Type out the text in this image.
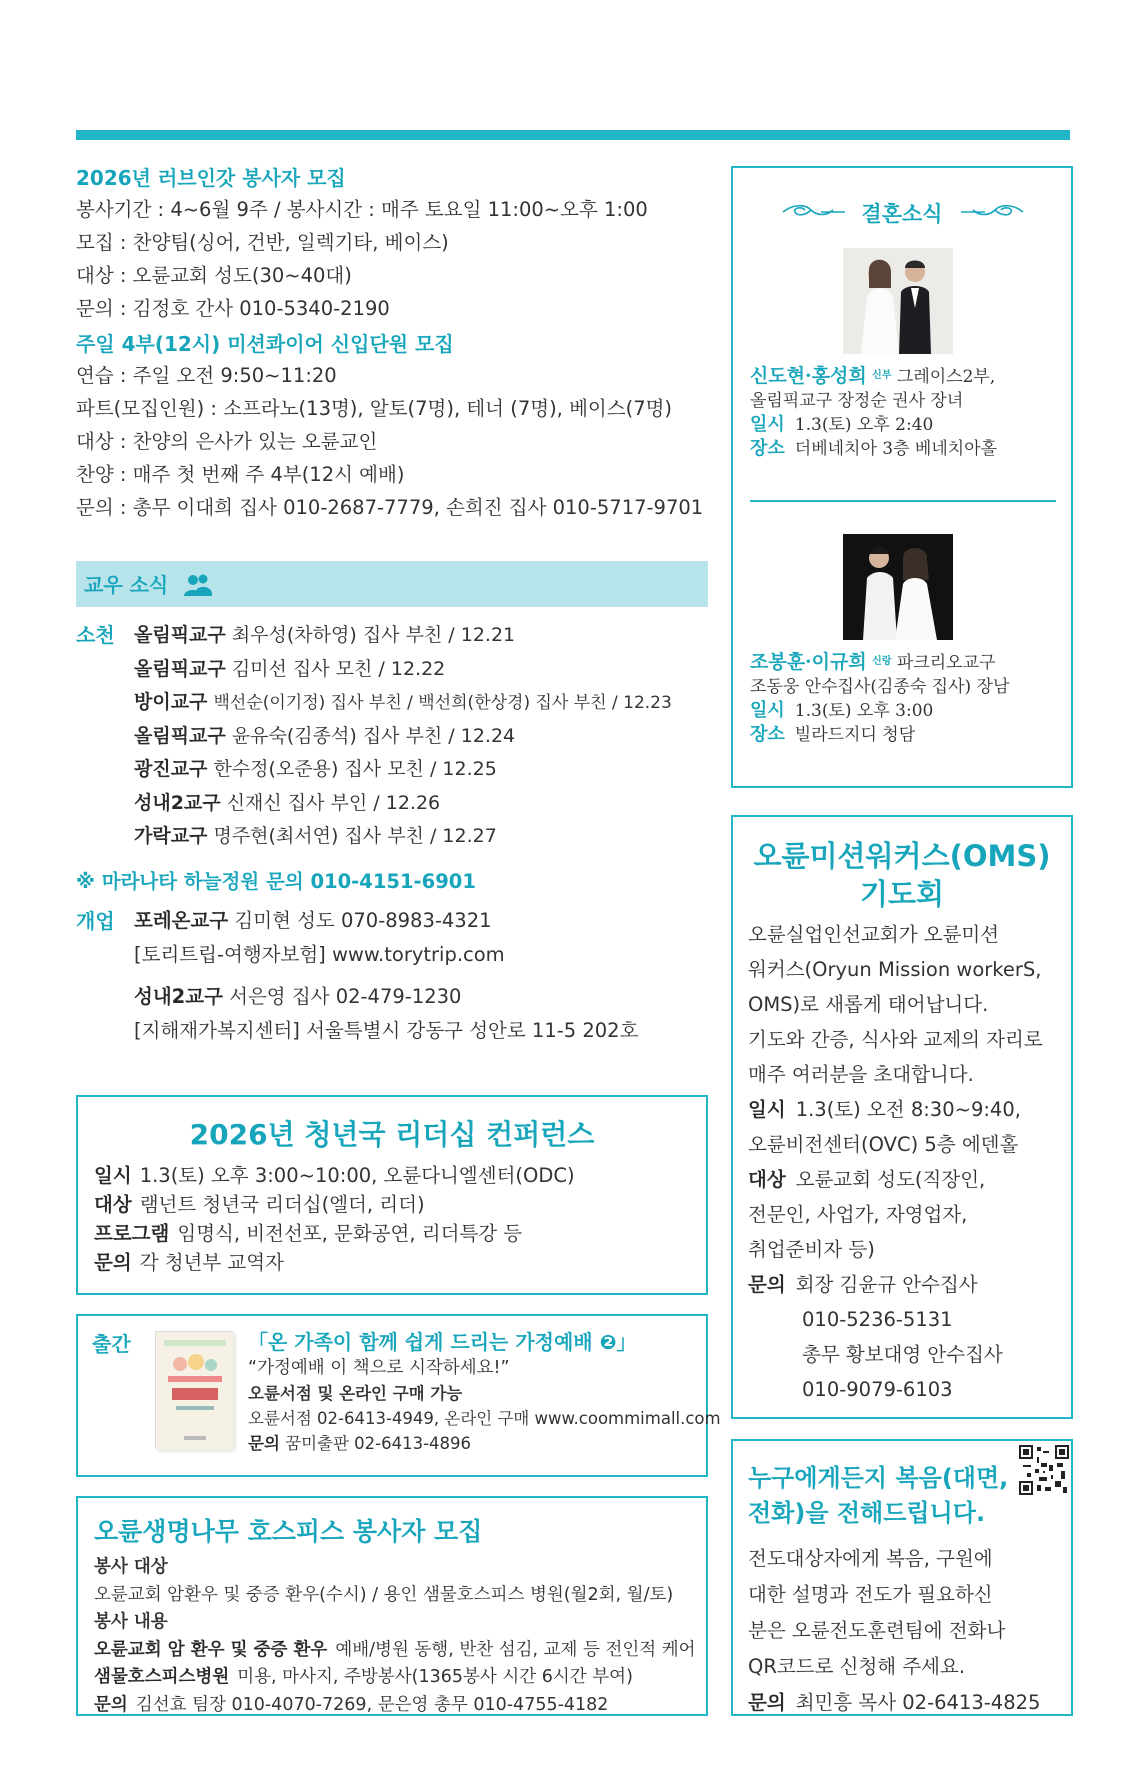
2026년 러브인갓 봉사자 모집
봉사기간 : 4~6월 9주 / 봉사시간 : 매주 토요일 11:00~오후 1:00
모집 : 찬양팀(싱어, 건반, 일렉기타, 베이스)
대상 : 오륜교회 성도(30~40대)
문의 : 김정호 간사 010-5340-2190
주일 4부(12시) 미션콰이어 신입단원 모집
연습 : 주일 오전 9:50~11:20
파트(모집인원) : 소프라노(13명), 알토(7명), 테너 (7명), 베이스(7명)
대상 : 찬양의 은사가 있는 오륜교인
찬양 : 매주 첫 번째 주 4부(12시 예배)
문의 : 총무 이대희 집사 010-2687-7779, 손희진 집사 010-5717-9701
교우 소식
소천	올림픽교구 최우성(차하영) 집사 부친 / 12.21
올림픽교구 김미선 집사 모친 / 12.22
방이교구 백선순(이기정) 집사 부친 / 백선희(한상경) 집사 부친 / 12.23
올림픽교구 윤유숙(김종석) 집사 부친 / 12.24
광진교구 한수정(오준용) 집사 모친 / 12.25
성내2교구 신재신 집사 부인 / 12.26
가락교구 명주현(최서연) 집사 부친 / 12.27
※ 마라나타 하늘정원 문의 010-4151-6901
개업 포레온교구 김미현 성도 070-8983-4321
[토리트립-여행자보험] www.torytrip.com
성내2교구 서은영 집사 02-479-1230
[지해재가복지센터] 서울특별시 강동구 성안로 11-5 202호
2026년 청년국 리더십 컨퍼런스
일시 1.3(토) 오후 3:00~10:00, 오륜다니엘센터(ODC)
대상 램넌트 청년국 리더십(엘더, 리더)
프로그램 임명식, 비전선포, 문화공연, 리더특강 등
문의 각 청년부 교역자
출간	「온 가족이 함께 쉽게 드리는 가정예배 ❷」
“가정예배 이 책으로 시작하세요!”
오륜서점 및 온라인 구매 가능
오륜서점 02-6413-4949, 온라인 구매 www.coommimall.com
문의 꿈미출판 02-6413-4896
오륜생명나무 호스피스 봉사자 모집
봉사 대상
오륜교회 암환우 및 중증 환우(수시) / 용인 샘물호스피스 병원(월2회, 월/토)
봉사 내용
오륜교회 암 환우 및 중증 환우 예배/병원 동행, 반찬 섬김, 교제 등 전인적 케어
샘물호스피스병원 미용, 마사지, 주방봉사(1365봉사 시간 6시간 부여)
문의 김선효 팀장 010-4070-7269, 문은영 총무 010-4755-4182
결혼소식
신도현·홍성희 $^{신부}$ 그레이스2부,
올림픽교구 장정순 권사 장녀
일시 1.3(토) 오후 2:40
장소 더베네치아 3층 베네치아홀
조봉훈·이규희 $^{신랑}$ 파크리오교구
조동웅 안수집사(김종숙 집사) 장남
일시 1.3(토) 오후 3:00
장소 빌라드지디 청담
오륜미션워커스(OMS)
기도회
오륜실업인선교회가 오륜미션
워커스(Oryun Mission workerS,
OMS)로 새롭게 태어납니다.
기도와 간증, 식사와 교제의 자리로
매주 여러분을 초대합니다.
일시 1.3(토) 오전 8:30~9:40,
오륜비전센터(OVC) 5층 에덴홀
대상 오륜교회 성도(직장인,
전문인, 사업가, 자영업자,
취업준비자 등)
문의 회장 김윤규 안수집사
010-5236-5131
총무 황보대영 안수집사
010-9079-6103
누구에게든지 복음(대면,
전화)을 전해드립니다.
전도대상자에게 복음, 구원에
대한 설명과 전도가 필요하신
분은 오륜전도훈련팀에 전화나
QR코드로 신청해 주세요.
문의 최민흥 목사 02-6413-4825
